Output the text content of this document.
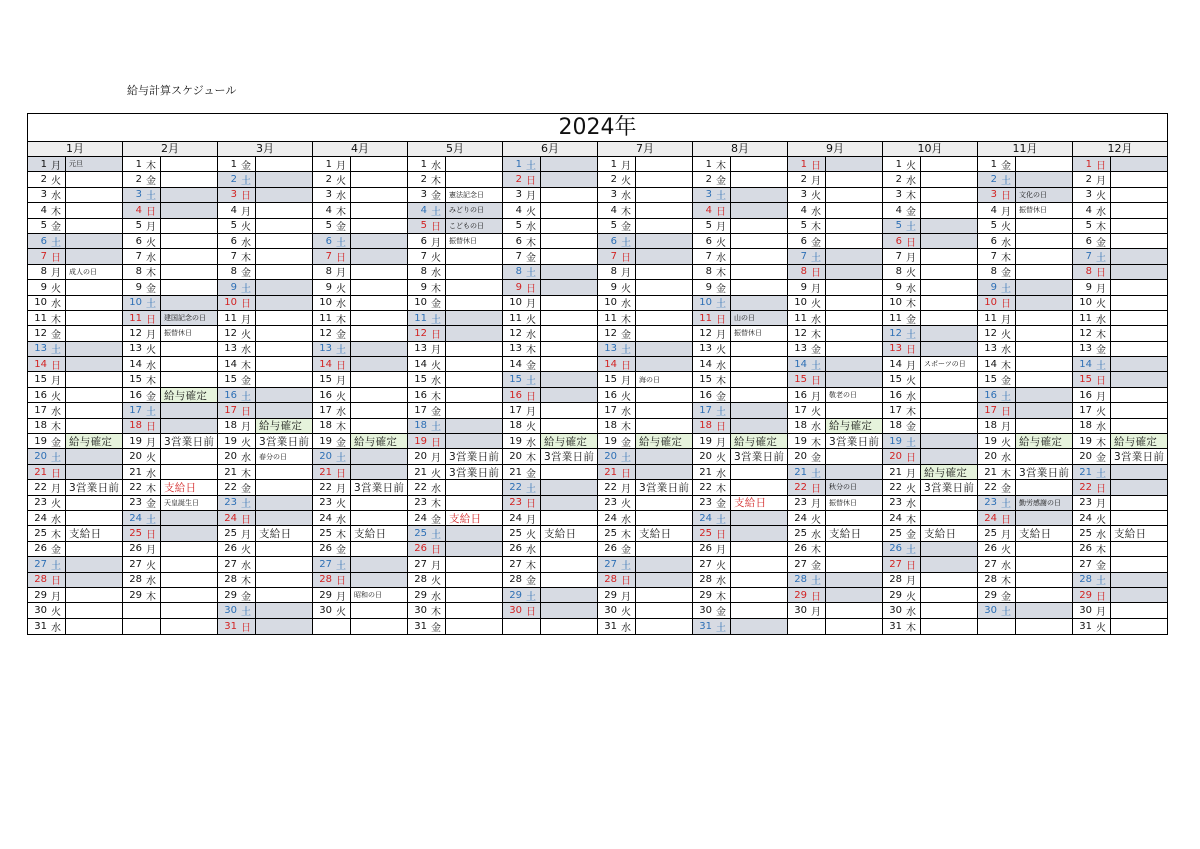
給与計算スケジュール
2024年
1月
1 月 元旦
2 火
3 水
4 木
5 金
6 土
7 日
8 月 成人の日
9 火
10 水
11 木
12 金
13 土
14 日
15 月
16 火
17 水
18 木
19 金 給与確定
20 土
21 日
22 月 3営業日前
23 火
24 水
25 木 支給日
26 金
27 土
28 日
29 月
30 火
31 水
2月
1 木
2 金
3 土
4 日
5 月
6 火
7 水
8 木
9 金
10 土
11 日 建国記念の日
12 月 振替休日
13 火
14 水
15 木
16 金 給与確定
17 土
18 日
19 月 3営業日前
20 火
21 水
22 木 支給日
23 金 天皇誕生日
24 土
25 日
26 月
27 火
28 水
29 木
3月
1 金
2 土
3 日
4 月
5 火
6 水
7 木
8 金
9 土
10 日
11 月
12 火
13 水
14 木
15 金
16 土
17 日
18 月 給与確定
19 火 3営業日前
20 水 春分の日
21 木
22 金
23 土
24 日
25 月 支給日
26 火
27 水
28 木
29 金
30 土
31 日
4月
1 月
2 火
3 水
4 木
5 金
6 土
7 日
8 月
9 火
10 水
11 木
12 金
13 土
14 日
15 月
16 火
17 水
18 木
19 金 給与確定
20 土
21 日
22 月 3営業日前
23 火
24 水
25 木 支給日
26 金
27 土
28 日
29 月 昭和の日
30 火
5月
1 水
2 木
3 金 憲法記念日
4 土 みどりの日
5 日 こどもの日
6 月 振替休日
7 火
8 水
9 木
10 金
11 土
12 日
13 月
14 火
15 水
16 木
17 金
18 土
19 日
20 月 3営業日前
21 火 3営業日前
22 水
23 木
24 金 支給日
25 土
26 日
27 月
28 火
29 水
30 木
31 金
6月
1 土
2 日
3 月
4 火
5 水
6 木
7 金
8 土
9 日
10 月
11 火
12 水
13 木
14 金
15 土
16 日
17 月
18 火
19 水 給与確定
20 木 3営業日前
21 金
22 土
23 日
24 月
25 火 支給日
26 水
27 木
28 金
29 土
30 日
7月
1 月
2 火
3 水
4 木
5 金
6 土
7 日
8 月
9 火
10 水
11 木
12 金
13 土
14 日
15 月 海の日
16 火
17 水
18 木
19 金 給与確定
20 土
21 日
22 月 3営業日前
23 火
24 水
25 木 支給日
26 金
27 土
28 日
29 月
30 火
31 水
8月
1 木
2 金
3 土
4 日
5 月
6 火
7 水
8 木
9 金
10 土
11 日 山の日
12 月 振替休日
13 火
14 水
15 木
16 金
17 土
18 日
19 月 給与確定
20 火 3営業日前
21 水
22 木
23 金 支給日
24 土
25 日
26 月
27 火
28 水
29 木
30 金
31 土
9月
1 日
2 月
3 火
4 水
5 木
6 金
7 土
8 日
9 月
10 火
11 水
12 木
13 金
14 土
15 日
16 月 敬老の日
17 火
18 水 給与確定
19 木 3営業日前
20 金
21 土
22 日 秋分の日
23 月 振替休日
24 火
25 水 支給日
26 木
27 金
28 土
29 日
30 月
10月
1 火
2 水
3 木
4 金
5 土
6 日
7 月
8 火
9 水
10 木
11 金
12 土
13 日
14 月 スポーツの日
15 火
16 水
17 木
18 金
19 土
20 日
21 月 給与確定
22 火 3営業日前
23 水
24 木
25 金 支給日
26 土
27 日
28 月
29 火
30 水
31 木
11月
1 金
2 土
3 日 文化の日
4 月 振替休日
5 火
6 水
7 木
8 金
9 土
10 日
11 月
12 火
13 水
14 木
15 金
16 土
17 日
18 月
19 火 給与確定
20 水
21 木 3営業日前
22 金
23 土 勤労感謝の日
24 日
25 月 支給日
26 火
27 水
28 木
29 金
30 土
12月
1 日
2 月
3 火
4 水
5 木
6 金
7 土
8 日
9 月
10 火
11 水
12 木
13 金
14 土
15 日
16 月
17 火
18 水
19 木 給与確定
20 金 3営業日前
21 土
22 日
23 月
24 火
25 水 支給日
26 木
27 金
28 土
29 日
30 月
31 火
